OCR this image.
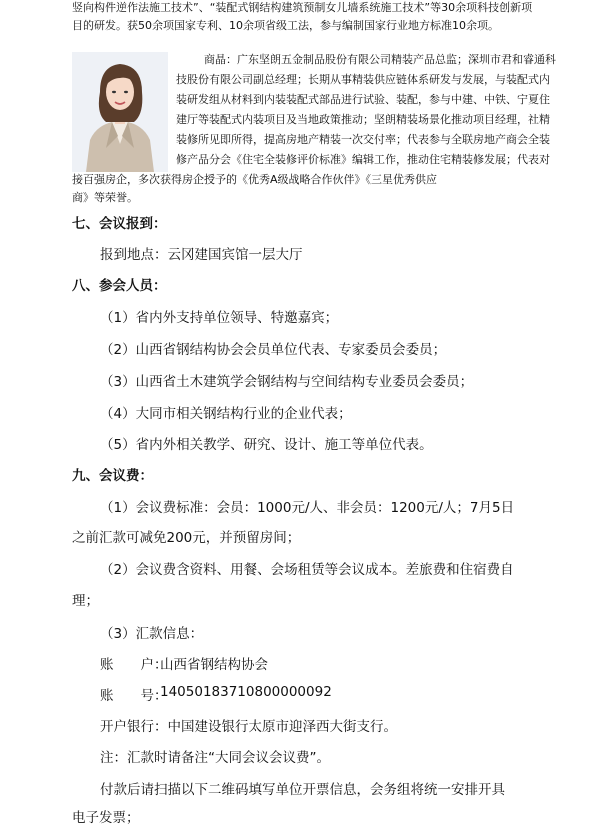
竖向构件逆作法施工技术”、“装配式钢结构建筑预制女儿墙系统施工技术”等30余项科技创新项
目的研发。获50余项国家专利、10余项省级工法，参与编制国家行业地方标准10余项。
商晶：广东坚朗五金制品股份有限公司精装产品总监；深圳市君和睿通科
技股份有限公司副总经理；长期从事精装供应链体系研发与发展，与装配式内
装研发组从材料到内装装配式部品进行试验、装配，参与中建、中铁、宁夏住
建厅等装配式内装项目及当地政策推动；坚朗精装场景化推动项目经理，社精
装修所见即所得，提高房地产精装一次交付率；代表参与全联房地产商会全装
修产品分会《住宅全装修评价标准》编辑工作，推动住宅精装修发展；代表对
接百强房企，多次获得房企授予的《优秀A级战略合作伙伴》《三星优秀供应
商》等荣誉。
七、会议报到：
报到地点：云冈建国宾馆一层大厅
八、参会人员：
（1）省内外支持单位领导、特邀嘉宾；
（2）山西省钢结构协会会员单位代表、专家委员会委员；
（3）山西省土木建筑学会钢结构与空间结构专业委员会委员；
（4）大同市相关钢结构行业的企业代表；
（5）省内外相关教学、研究、设计、施工等单位代表。
九、会议费：
（1）会议费标准：会员：1000元/人、非会员：1200元/人；7月5日
之前汇款可减免200元，并预留房间；
（2）会议费含资料、用餐、会场租赁等会议成本。差旅费和住宿费自
理；
（3）汇款信息：
账　　户：
山西省钢结构协会
账　　号：
14050183710800000092
开户银行：中国建设银行太原市迎泽西大街支行。
注：汇款时请备注“大同会议会议费”。
付款后请扫描以下二维码填写单位开票信息，会务组将统一安排开具
电子发票；
